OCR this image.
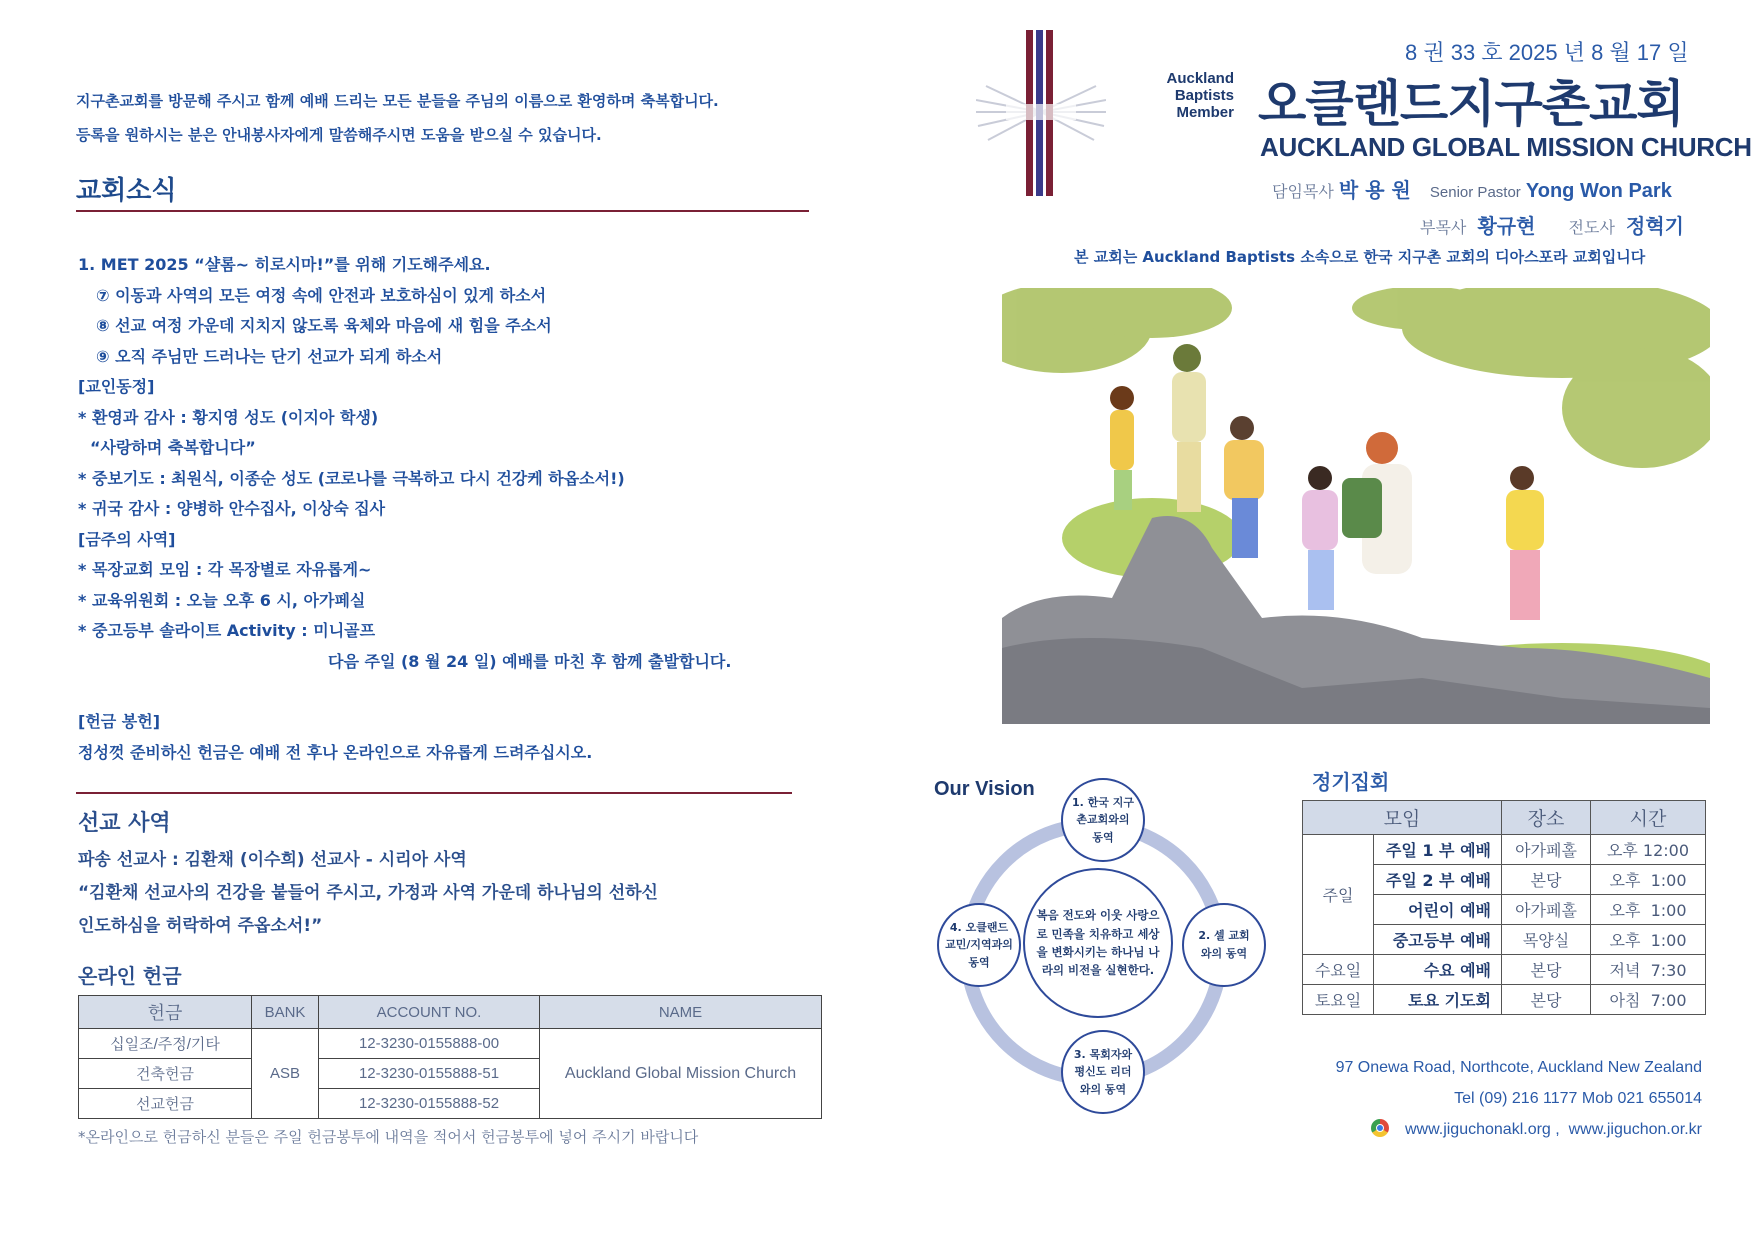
지구촌교회를 방문해 주시고 함께 예배 드리는 모든 분들을 주님의 이름으로 환영하며 축복합니다.
등록을 원하시는 분은 안내봉사자에게 말씀해주시면 도움을 받으실 수 있습니다.
교회소식
1. MET 2025 “샬롬~ 히로시마!”를 위해 기도해주세요.
⑦ 이동과 사역의 모든 여정 속에 안전과 보호하심이 있게 하소서
⑧ 선교 여정 가운데 지치지 않도록 육체와 마음에 새 힘을 주소서
⑨ 오직 주님만 드러나는 단기 선교가 되게 하소서
[교인동정]
* 환영과 감사 : 황지영 성도 (이지아 학생)
“사랑하며 축복합니다”
* 중보기도 : 최원식, 이종순 성도 (코로나를 극복하고 다시 건강케 하옵소서!)
* 귀국 감사 : 양병하 안수집사, 이상숙 집사
[금주의 사역]
* 목장교회 모임 : 각 목장별로 자유롭게~
* 교육위원회 : 오늘 오후 6 시, 아가페실
* 중고등부 솔라이트 Activity : 미니골프
다음 주일 (8 월 24 일) 예배를 마친 후 함께 출발합니다.
[헌금 봉헌]
정성껏 준비하신 헌금은 예배 전 후나 온라인으로 자유롭게 드려주십시오.
선교 사역
파송 선교사 : 김환채 (이수희) 선교사 - 시리아 사역
“김환채 선교사의 건강을 붙들어 주시고, 가정과 사역 가운데 하나님의 선하신
인도하심을 허락하여 주옵소서!”
온라인 헌금
헌금	BANK	ACCOUNT NO.	NAME
십일조/주정/기타	ASB	12-3230-0155888-00	Auckland Global Mission Church
건축헌금		12-3230-0155888-51	
선교헌금		12-3230-0155888-52	
*온라인으로 헌금하신 분들은 주일 헌금봉투에 내역을 적어서 헌금봉투에 넣어 주시기 바랍니다
8 권 33 호 2025 년 8 월 17 일
Auckland
Baptists
Member 오클랜드지구촌교회
AUCKLAND GLOBAL MISSION CHURCH
담임목사 박 용 원 Senior Pastor Yong Won Park
부목사 황규현 전도사 정혁기
본 교회는 Auckland Baptists 소속으로 한국 지구촌 교회의 디아스포라 교회입니다
Our Vision
복음 전도와 이웃 사랑으로 민족을 치유하고 세상을 변화시키는 하나님 나라의 비전을 실현한다.
1. 한국 지구촌교회와의 동역
2. 셀 교회와의 동역
3. 목회자와 평신도 리더와의 동역
4. 오클랜드 교민/지역과의 동역
정기집회
모임		장소	시간
주일	주일 1 부 예배	아가페홀	오후 12:00
	주일 2 부 예배	본당	오후  1:00
	어린이 예배	아가페홀	오후  1:00
	중고등부 예배	목양실	오후  1:00
수요일	수요 예배	본당	저녁  7:30
토요일	토요 기도회	본당	아침  7:00
97 Onewa Road, Northcote, Auckland New Zealand
Tel (09) 216 1177 Mob 021 655014
www.jiguchonakl.org ,  www.jiguchon.or.kr
